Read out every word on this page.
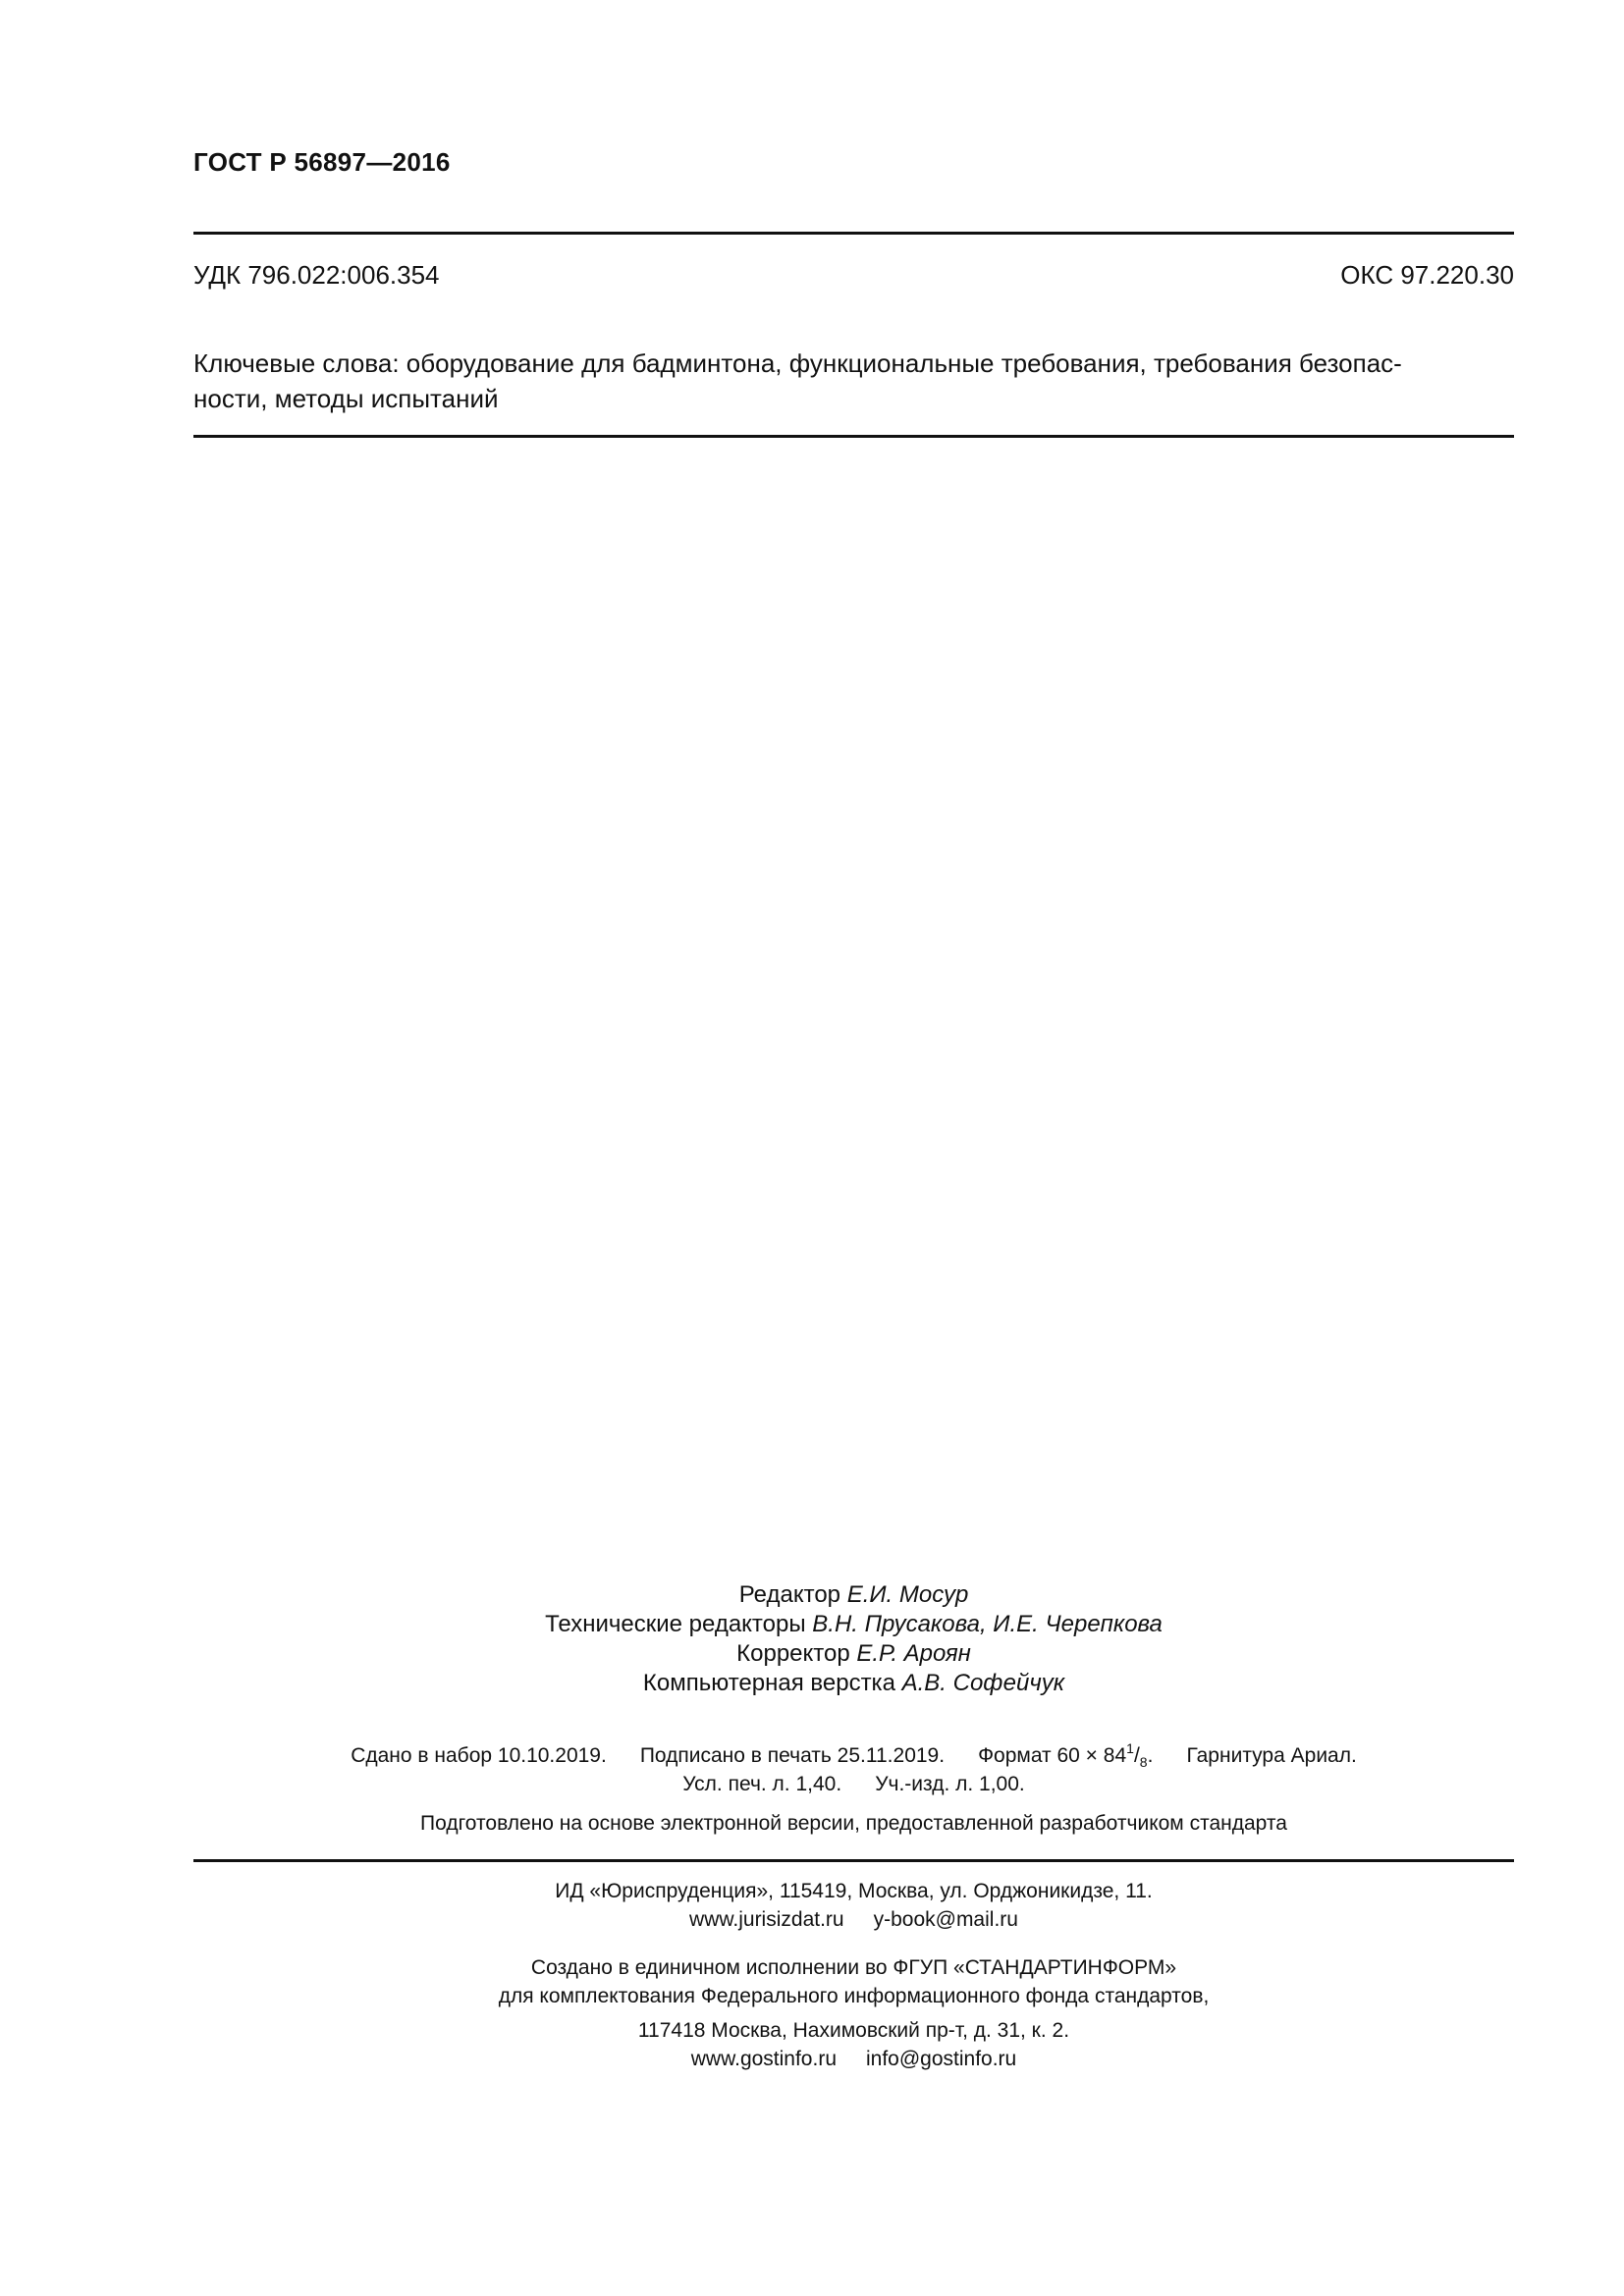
ГОСТ Р 56897—2016
УДК 796.022:006.354	ОКС 97.220.30
Ключевые слова: оборудование для бадминтона, функциональные требования, требования безопас-
ности, методы испытаний
Редактор Е.И. Мосур
Технические редакторы В.Н. Прусакова, И.Е. Черепкова
Корректор Е.Р. Ароян
Компьютерная верстка А.В. Софейчук
Сдано в набор 10.10.2019. Подписано в печать 25.11.2019. Формат $60 \times 84^1/_8$. Гарнитура Ариал.
Усл. печ. л. 1,40. Уч.-изд. л. 1,00.
Подготовлено на основе электронной версии, предоставленной разработчиком стандарта
ИД «Юриспруденция», 115419, Москва, ул. Орджоникидзе, 11.
www.jurisizdat.ru y-book@mail.ru
Создано в единичном исполнении во ФГУП «СТАНДАРТИНФОРМ»
для комплектования Федерального информационного фонда стандартов,
117418 Москва, Нахимовский пр-т, д. 31, к. 2.
www.gostinfo.ru info@gostinfo.ru
